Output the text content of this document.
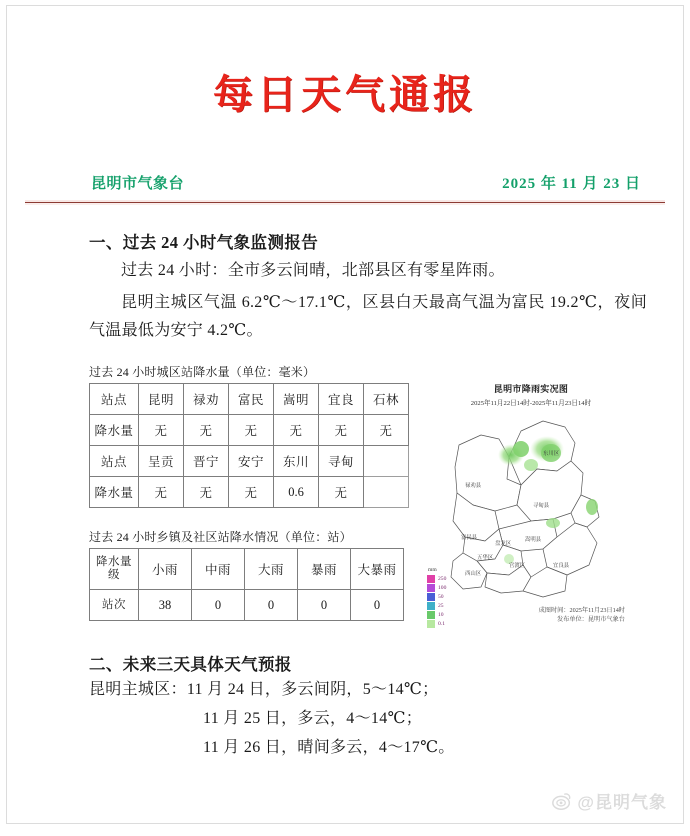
每日天气通报
昆明市气象台	2025 年 11 月 23 日
一、过去 24 小时气象监测报告

过去 24 小时：全市多云间晴，北部县区有零星阵雨。

昆明主城区气温 6.2℃～17.1℃，区县白天最高气温为富民 19.2℃，夜间气温最低为安宁 4.2℃。

过去 24 小时城区站降水量（单位：毫米）
站点	昆明	禄劝	富民	嵩明	宜良	石林
降水量	无	无	无	无	无	无
站点	呈贡	晋宁	安宁	东川	寻甸	
降水量	无	无	无	0.6	无	
过去 24 小时乡镇及社区站降水情况（单位：站）
降水量级	小雨	中雨	大雨	暴雨	大暴雨
站次	38	0	0	0	0
昆明市降雨实况图
2025年11月22日14时-2025年11月23日14时
禄劝县
东川区
寻甸县
富民县	嵩明县
盘龙区
五华区
官渡区
西山区
宜良县
mm
250
100
50
25
10
0.1
成图时间：2025年11月23日14时
发布单位：昆明市气象台
二、未来三天具体天气预报
昆明主城区：11 月 24 日，多云间阴，5～14℃；
11 月 25 日，多云，4～14℃；
11 月 26 日，晴间多云，4～17℃。
@昆明气象
